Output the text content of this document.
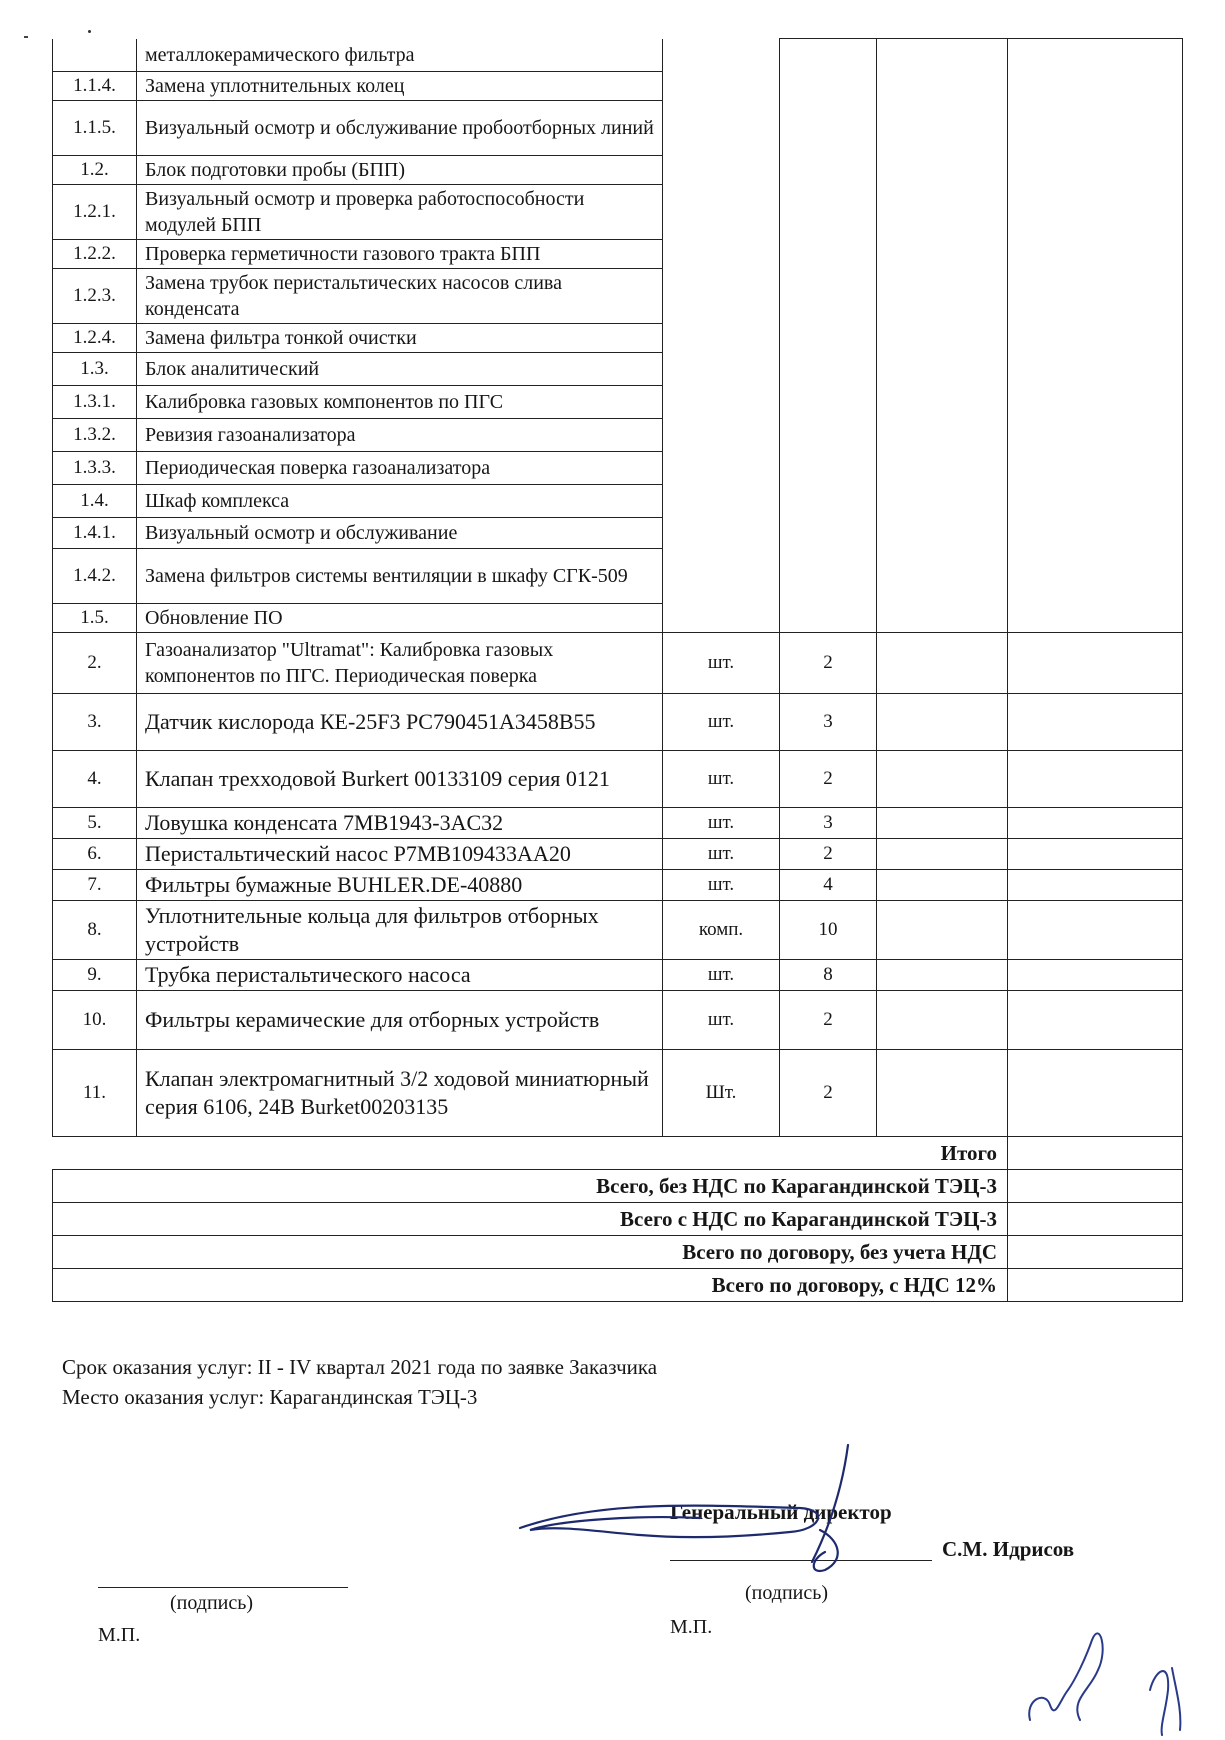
	металлокерамического фильтра				
1.1.4.	Замена уплотнительных колец				
1.1.5.	Визуальный осмотр и обслуживание пробоотборных линий				
1.2.	Блок подготовки пробы (БПП)				
1.2.1.	Визуальный осмотр и проверка работоспособности модулей БПП				
1.2.2.	Проверка герметичности газового тракта БПП				
1.2.3.	Замена трубок перистальтических насосов слива конденсата				
1.2.4.	Замена фильтра тонкой очистки				
1.3.	Блок аналитический				
1.3.1.	Калибровка газовых компонентов по ПГС				
1.3.2.	Ревизия газоанализатора				
1.3.3.	Периодическая поверка газоанализатора				
1.4.	Шкаф комплекса				
1.4.1.	Визуальный осмотр и обслуживание				
1.4.2.	Замена фильтров системы вентиляции в шкафу СГК-509				
1.5.	Обновление ПО				
2.	Газоанализатор "Ultramat": Калибровка газовых компонентов по ПГС. Периодическая поверка	шт.	2		
3.	Датчик кислорода КЕ-25F3 PC790451A3458B55	шт.	3		
4.	Клапан трехходовой Burkert 00133109 серия 0121	шт.	2		
5.	Ловушка конденсата 7MB1943-3AC32	шт.	3		
6.	Перистальтический насос P7MB109433AA20	шт.	2		
7.	Фильтры бумажные BUHLER.DE-40880	шт.	4		
8.	Уплотнительные кольца для фильтров отборных устройств	комп.	10		
9.	Трубка перистальтического насоса	шт.	8		
10.	Фильтры керамические для отборных устройств	шт.	2		
11.	Клапан электромагнитный 3/2 ходовой миниатюрный серия 6106, 24В Burket00203135	Шт.	2		
Итого					
Всего, без НДС по Карагандинской ТЭЦ-3					
Всего с НДС по Карагандинской ТЭЦ-3					
Всего по договору, без учета НДС					
Всего по договору, с НДС 12%					
Срок оказания услуг: II - IV квартал 2021 года по заявке Заказчика
Место оказания услуг: Карагандинская ТЭЦ-3
(подпись)
М.П.
Генеральный директор
С.М. Идрисов
(подпись)
М.П.
